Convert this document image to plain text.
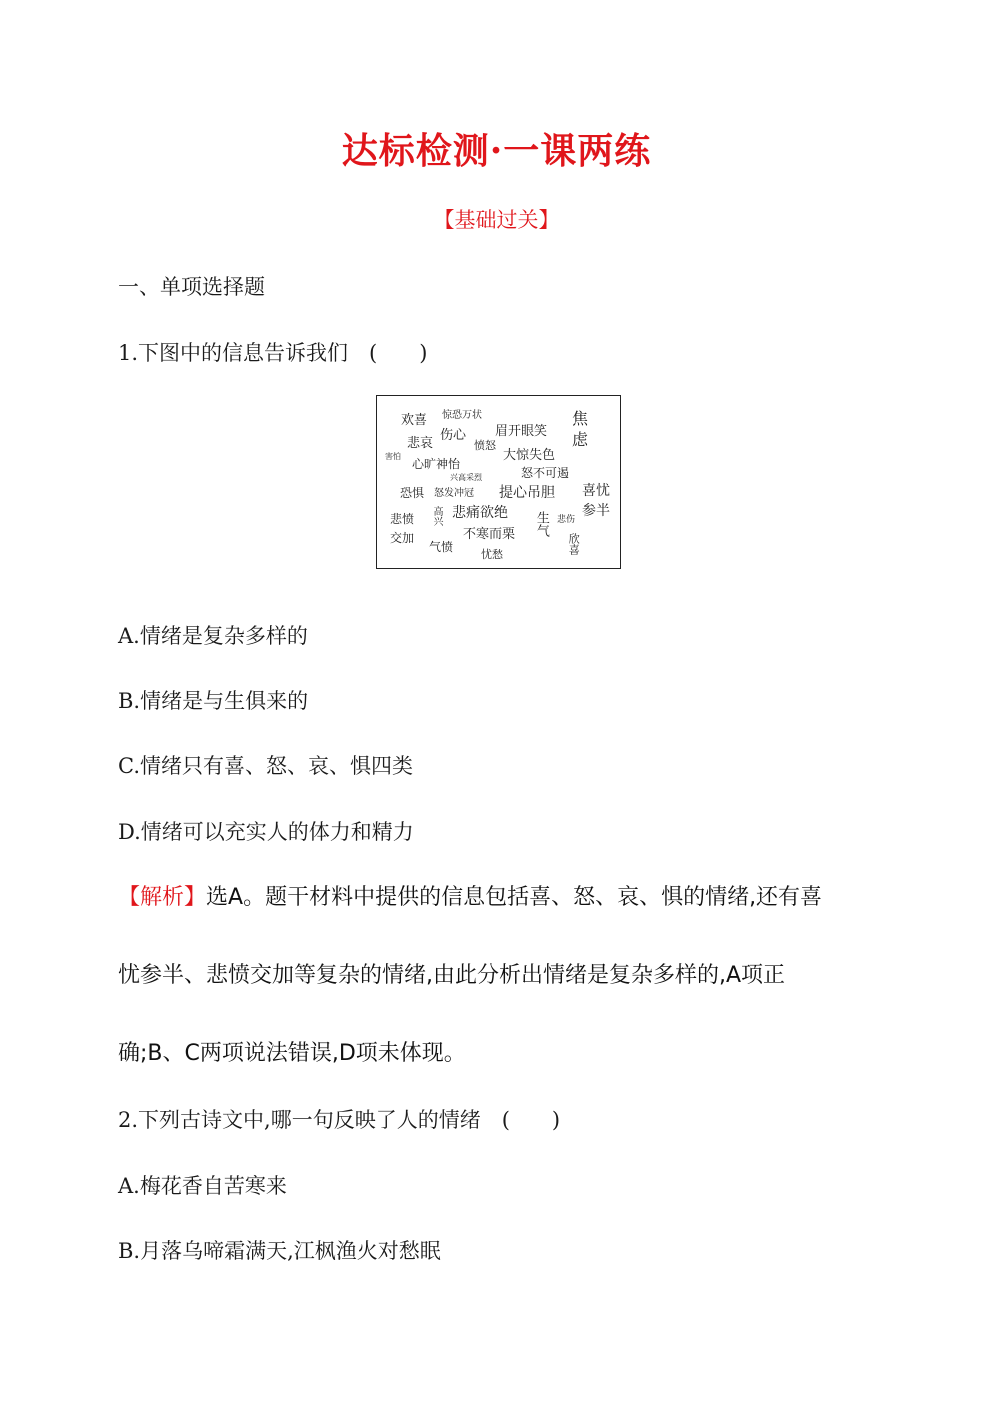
达标检测·一课两练
【基础过关】
一、单项选择题
1.下图中的信息告诉我们　(　　)
欢喜 惊恐万状
伤心 眉开眼笑
焦虑
悲哀	愤怒
害怕	大惊失色
心旷神怡
兴高采烈	怒不可遏
恐惧 怒发冲冠 提心吊胆 喜忧
参半
悲愤
交加
高兴 悲痛欲绝 生气 悲伤
气愤
不寒而栗	欣喜
忧愁
A.情绪是复杂多样的
B.情绪是与生俱来的
C.情绪只有喜、怒、哀、惧四类
D.情绪可以充实人的体力和精力
【解析】选A。题干材料中提供的信息包括喜、怒、哀、惧的情绪,还有喜
忧参半、悲愤交加等复杂的情绪,由此分析出情绪是复杂多样的,A项正
确;B、C两项说法错误,D项未体现。
2.下列古诗文中,哪一句反映了人的情绪　(　　)
A.梅花香自苦寒来
B.月落乌啼霜满天,江枫渔火对愁眠
